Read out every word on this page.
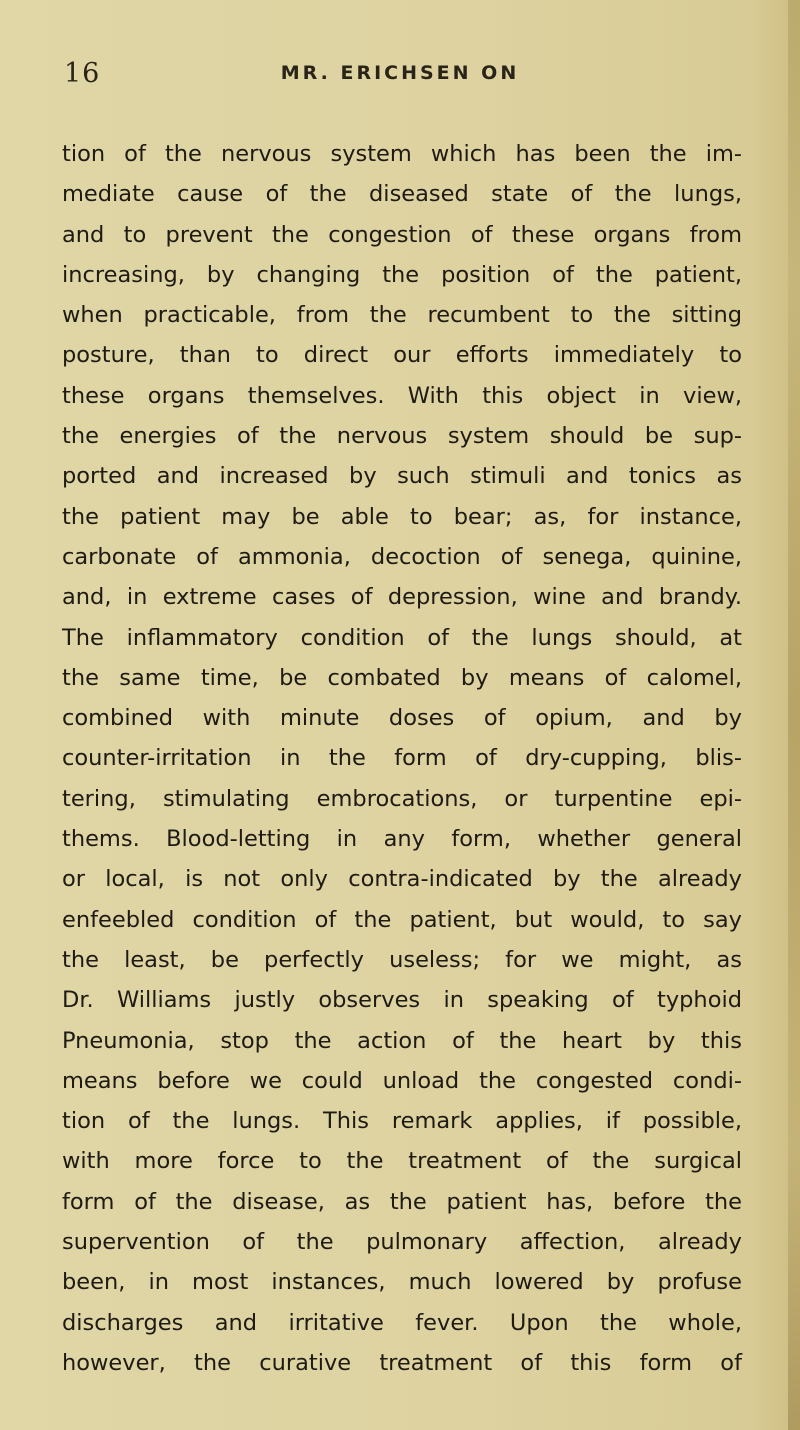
16	MR. ERICHSEN ON
tion of the nervous system which has been the im-
mediate cause of the diseased state of the lungs,
and to prevent the congestion of these organs from
increasing, by changing the position of the patient,
when practicable, from the recumbent to the sitting
posture, than to direct our efforts immediately to
these organs themselves. With this object in view,
the energies of the nervous system should be sup-
ported and increased by such stimuli and tonics as
the patient may be able to bear; as, for instance,
carbonate of ammonia, decoction of senega, quinine,
and, in extreme cases of depression, wine and brandy.
The inflammatory condition of the lungs should, at
the same time, be combated by means of calomel,
combined with minute doses of opium, and by
counter-irritation in the form of dry-cupping, blis-
tering, stimulating embrocations, or turpentine epi-
thems. Blood-letting in any form, whether general
or local, is not only contra-indicated by the already
enfeebled condition of the patient, but would, to say
the least, be perfectly useless; for we might, as
Dr. Williams justly observes in speaking of typhoid
Pneumonia, stop the action of the heart by this
means before we could unload the congested condi-
tion of the lungs. This remark applies, if possible,
with more force to the treatment of the surgical
form of the disease, as the patient has, before the
supervention of the pulmonary affection, already
been, in most instances, much lowered by profuse
discharges and irritative fever. Upon the whole,
however, the curative treatment of this form of
